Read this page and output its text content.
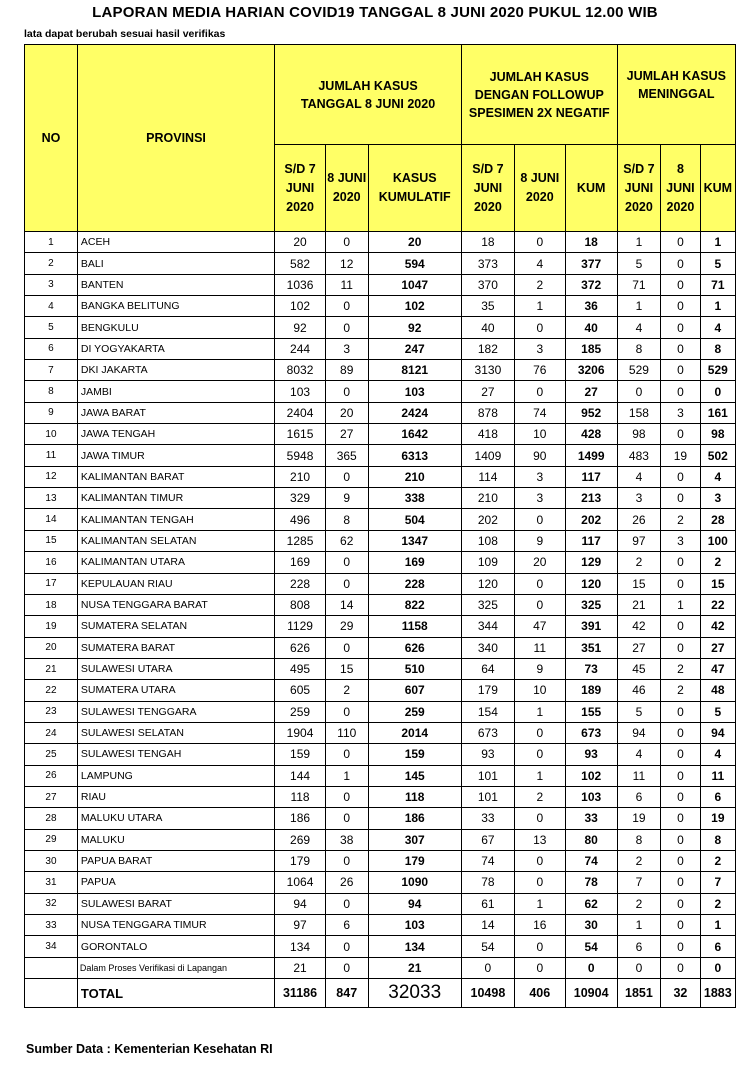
LAPORAN MEDIA HARIAN COVID19 TANGGAL 8 JUNI 2020 PUKUL 12.00 WIB
lata dapat berubah sesuai hasil verifikas
NO	PROVINSI	JUMLAH KASUS TANGGAL 8 JUNI 2020			JUMLAH KASUS DENGAN FOLLOWUP SPESIMEN 2X NEGATIF			JUMLAH KASUS MENINGGAL		
		S/D 7 JUNI 2020	8 JUNI 2020	KASUS KUMULATIF	S/D 7 JUNI 2020	8 JUNI 2020	KUM	S/D 7 JUNI 2020	8 JUNI 2020	KUM
1	ACEH	20	0	20	18	0	18	1	0	1
2	BALI	582	12	594	373	4	377	5	0	5
3	BANTEN	1036	11	1047	370	2	372	71	0	71
4	BANGKA BELITUNG	102	0	102	35	1	36	1	0	1
5	BENGKULU	92	0	92	40	0	40	4	0	4
6	DI YOGYAKARTA	244	3	247	182	3	185	8	0	8
7	DKI JAKARTA	8032	89	8121	3130	76	3206	529	0	529
8	JAMBI	103	0	103	27	0	27	0	0	0
9	JAWA BARAT	2404	20	2424	878	74	952	158	3	161
10	JAWA TENGAH	1615	27	1642	418	10	428	98	0	98
11	JAWA TIMUR	5948	365	6313	1409	90	1499	483	19	502
12	KALIMANTAN BARAT	210	0	210	114	3	117	4	0	4
13	KALIMANTAN TIMUR	329	9	338	210	3	213	3	0	3
14	KALIMANTAN TENGAH	496	8	504	202	0	202	26	2	28
15	KALIMANTAN SELATAN	1285	62	1347	108	9	117	97	3	100
16	KALIMANTAN UTARA	169	0	169	109	20	129	2	0	2
17	KEPULAUAN RIAU	228	0	228	120	0	120	15	0	15
18	NUSA TENGGARA BARAT	808	14	822	325	0	325	21	1	22
19	SUMATERA SELATAN	1129	29	1158	344	47	391	42	0	42
20	SUMATERA BARAT	626	0	626	340	11	351	27	0	27
21	SULAWESI UTARA	495	15	510	64	9	73	45	2	47
22	SUMATERA UTARA	605	2	607	179	10	189	46	2	48
23	SULAWESI TENGGARA	259	0	259	154	1	155	5	0	5
24	SULAWESI SELATAN	1904	110	2014	673	0	673	94	0	94
25	SULAWESI TENGAH	159	0	159	93	0	93	4	0	4
26	LAMPUNG	144	1	145	101	1	102	11	0	11
27	RIAU	118	0	118	101	2	103	6	0	6
28	MALUKU UTARA	186	0	186	33	0	33	19	0	19
29	MALUKU	269	38	307	67	13	80	8	0	8
30	PAPUA BARAT	179	0	179	74	0	74	2	0	2
31	PAPUA	1064	26	1090	78	0	78	7	0	7
32	SULAWESI BARAT	94	0	94	61	1	62	2	0	2
33	NUSA TENGGARA TIMUR	97	6	103	14	16	30	1	0	1
34	GORONTALO	134	0	134	54	0	54	6	0	6
	Dalam Proses Verifikasi di Lapangan	21	0	21	0	0	0	0	0	0
	TOTAL	31186	847	32033	10498	406	10904	1851	32	1883
Sumber Data : Kementerian Kesehatan RI
